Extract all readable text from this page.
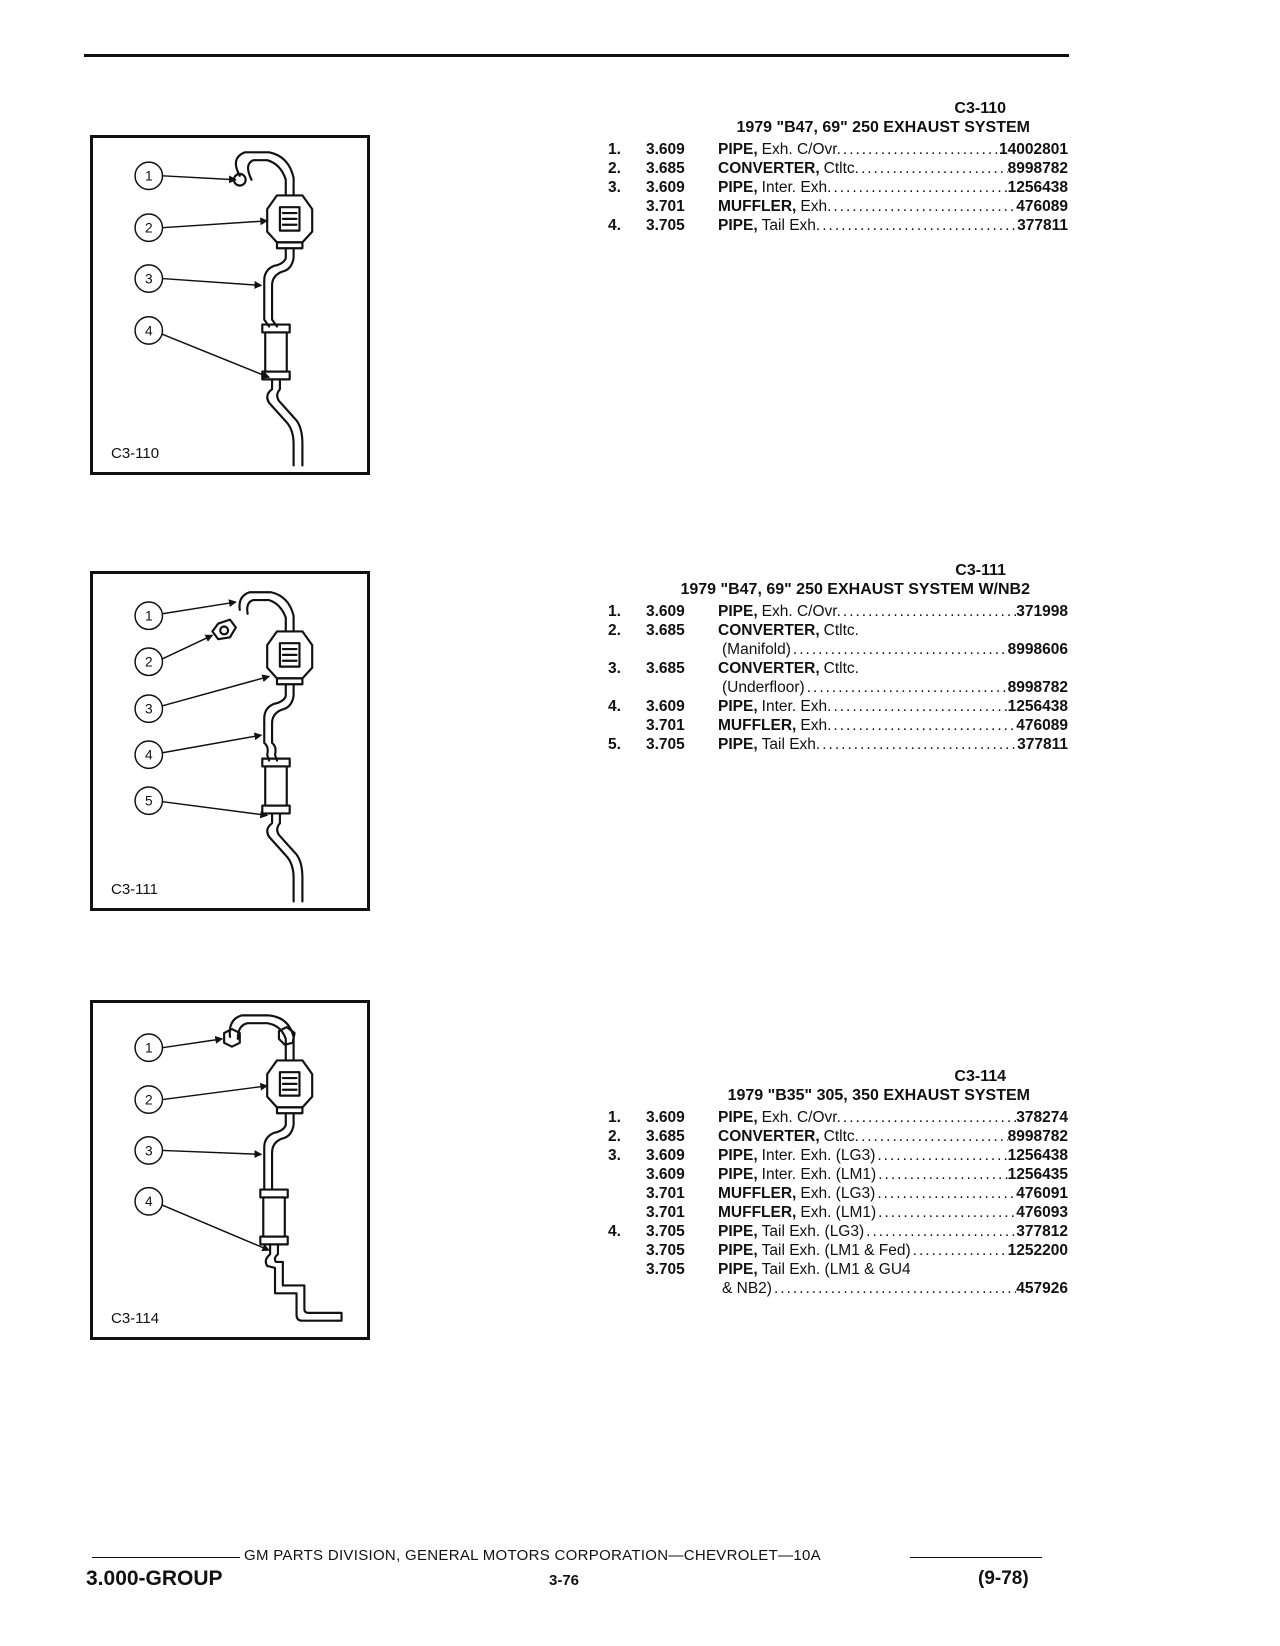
1
2
3
4
C3-110
1
2
3
4
5
C3-111
1
2
3
4
C3-114
C3-110
1979 "B47, 69" 250 EXHAUST SYSTEM
1.	3.609	PIPE, Exh. C/Ovr. .....	14002801
2.	3.685	CONVERTER, Ctltc. .....	8998782
3.	3.609	PIPE, Inter. Exh. .....	1256438
3.701	MUFFLER, Exh. .....	476089
4.	3.705	PIPE, Tail Exh. .....	377811
C3-111
1979 "B47, 69" 250 EXHAUST SYSTEM W/NB2
1.	3.609	PIPE, Exh. C/Ovr. .....	371998
2.	3.685	CONVERTER, Ctltc.
(Manifold) .....	8998606
3.	3.685	CONVERTER, Ctltc.
(Underfloor) .....	8998782
4.	3.609	PIPE, Inter. Exh. .....	1256438
3.701	MUFFLER, Exh. .....	476089
5.	3.705	PIPE, Tail Exh. .....	377811
C3-114
1979 "B35" 305, 350 EXHAUST SYSTEM
1.	3.609	PIPE, Exh. C/Ovr. .....	378274
2.	3.685	CONVERTER, Ctltc. .....	8998782
3.	3.609	PIPE, Inter. Exh. (LG3) .....	1256438
3.609	PIPE, Inter. Exh. (LM1) .....	1256435
3.701	MUFFLER, Exh. (LG3) .....	476091
3.701	MUFFLER, Exh. (LM1) .....	476093
4.	3.705	PIPE, Tail Exh. (LG3) .....	377812
3.705	PIPE, Tail Exh. (LM1 & Fed) .....	1252200
3.705	PIPE, Tail Exh. (LM1 & GU4
& NB2) .....	457926
GM PARTS DIVISION, GENERAL MOTORS CORPORATION—CHEVROLET—10A
3.000-GROUP	3-76	(9-78)
